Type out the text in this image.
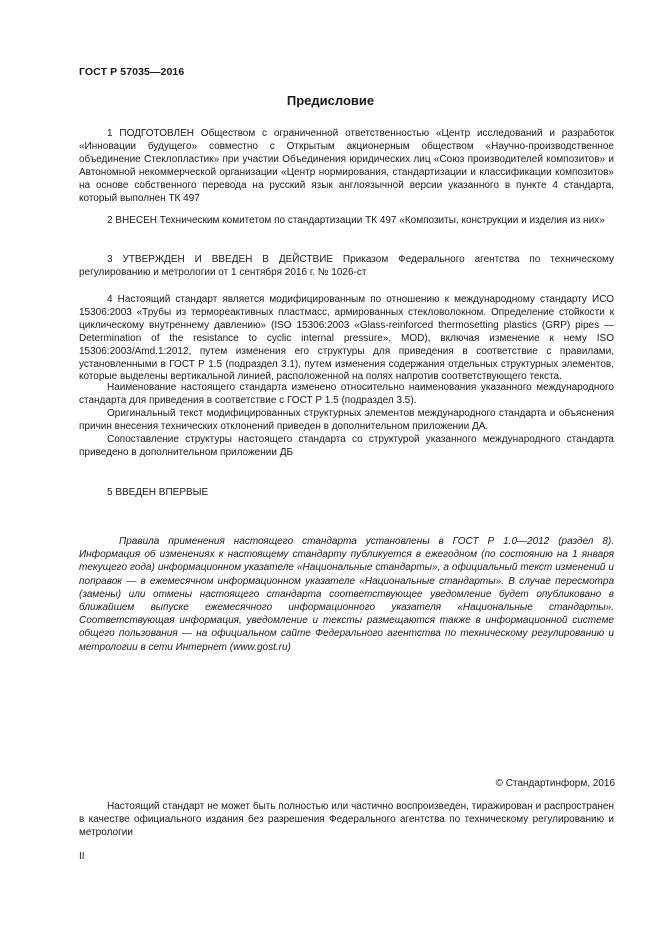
ГОСТ Р 57035—2016
Предисловие
1 ПОДГОТОВЛЕН Обществом с ограниченной ответственностью «Центр исследований и разработок «Инновации будущего» совместно с Открытым акционерным обществом «Научно-производственное объединение Стеклопластик» при участии Объединения юридических лиц «Союз производителей композитов» и Автономной некоммерческой организации «Центр нормирования, стандартизации и классификации композитов» на основе собственного перевода на русский язык англоязычной версии указанного в пункте 4 стандарта, который выполнен ТК 497
2 ВНЕСЕН Техническим комитетом по стандартизации ТК 497 «Композиты, конструкции и изделия из них»
3 УТВЕРЖДЕН И ВВЕДЕН В ДЕЙСТВИЕ Приказом Федерального агентства по техническому регулированию и метрологии от 1 сентября 2016 г. № 1026-ст
4 Настоящий стандарт является модифицированным по отношению к международному стандарту ИСО 15306:2003 «Трубы из термореактивных пластмасс, армированных стекловолокном. Определение стойкости к циклическому внутреннему давлению» (ISO 15306:2003 «Glass-reinforced thermosetting plastics (GRP) pipes — Determination of the resistance to cyclic internal pressure», MOD), включая изменение к нему ISO 15306:2003/Amd.1:2012, путем изменения его структуры для приведения в соответствие с правилами, установленными в ГОСТ Р 1.5 (подраздел 3.1), путем изменения содержания отдельных структурных элементов, которые выделены вертикальной линией, расположенной на полях напротив соответствующего текста.
Наименование настоящего стандарта изменено относительно наименования указанного международного стандарта для приведения в соответствие с ГОСТ Р 1.5 (подраздел 3.5).
Оригинальный текст модифицированных структурных элементов международного стандарта и объяснения причин внесения технических отклонений приведен в дополнительном приложении ДА.
Сопоставление структуры настоящего стандарта со структурой указанного международного стандарта приведено в дополнительном приложении ДБ
5 ВВЕДЕН ВПЕРВЫЕ
Правила применения настоящего стандарта установлены в ГОСТ Р 1.0—2012 (раздел 8). Информация об изменениях к настоящему стандарту публикуется в ежегодном (по состоянию на 1 января текущего года) информационном указателе «Национальные стандарты», а официальный текст изменений и поправок — в ежемесячном информационном указателе «Национальные стандарты». В случае пересмотра (замены) или отмены настоящего стандарта соответствующее уведомление будет опубликовано в ближайшем выпуске ежемесячного информационного указателя «Национальные стандарты». Соответствующая информация, уведомление и тексты размещаются также в информационной системе общего пользования — на официальном сайте Федерального агентства по техническому регулированию и метрологии в сети Интернет (www.gost.ru)
© Стандартинформ, 2016
Настоящий стандарт не может быть полностью или частично воспроизведен, тиражирован и распространен в качестве официального издания без разрешения Федерального агентства по техническому регулированию и метрологии
II
